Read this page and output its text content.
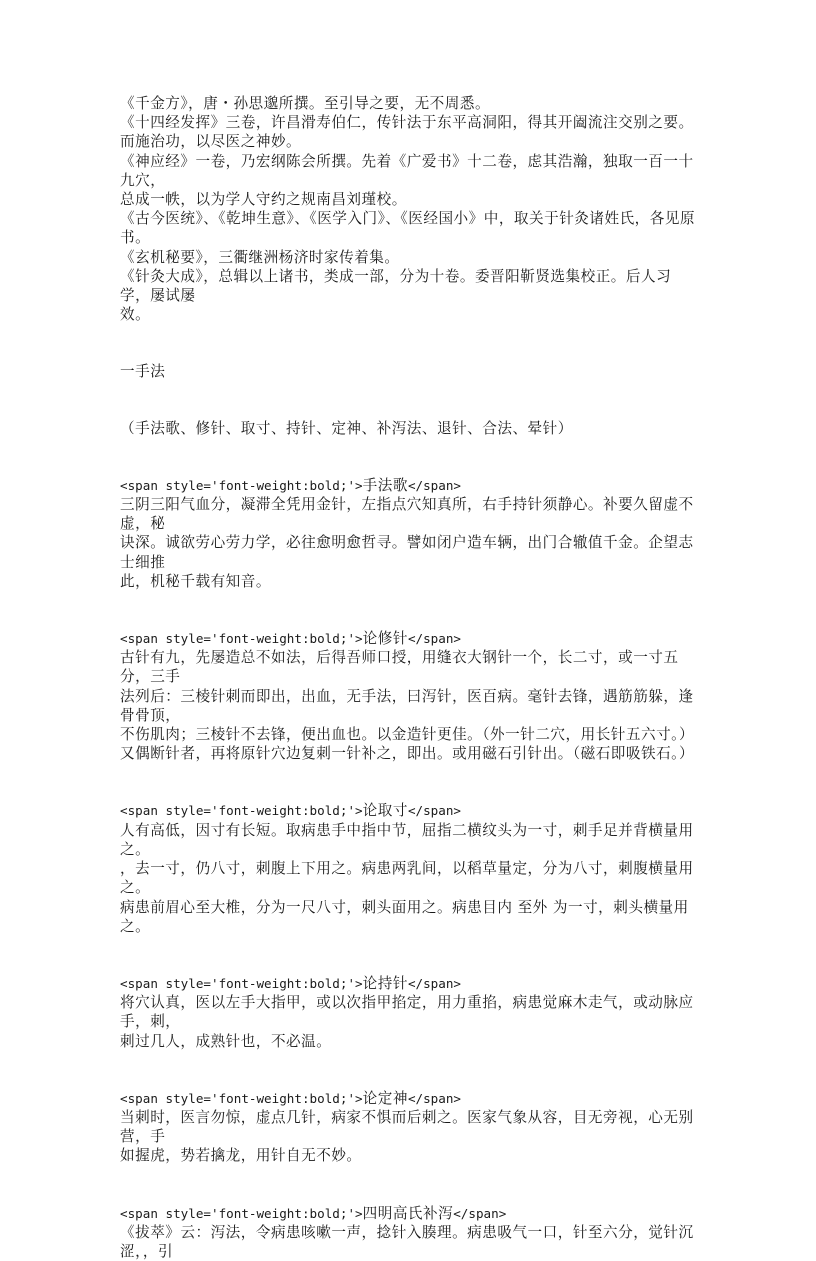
《千金方》，唐・孙思邈所撰。至引导之要，无不周悉。

《十四经发挥》三卷，许昌滑寿伯仁，传针法于东平高洞阳，得其开阖流注交别之要。

而施治功，以尽医之神妙。

《神应经》一卷，乃宏纲陈会所撰。先着《广爱书》十二卷，虑其浩瀚，独取一百一十九穴，

总成一帙，以为学人守约之规南昌刘瑾校。

《古今医统》、《乾坤生意》、《医学入门》、《医经国小》中，取关于针灸诸姓氏，各见原书。

《玄机秘要》，三衢继洲杨济时家传着集。

《针灸大成》，总辑以上诸书，类成一部，分为十卷。委晋阳靳贤选集校正。后人习学，屡试屡

效。

一手法

（手法歌、修针、取寸、持针、定神、补泻法、退针、合法、晕针）

<span style='font-weight:bold;'>手法歌</span>

三阴三阳气血分，凝滞全凭用金针，左指点穴知真所，右手持针须静心。补要久留虚不虚，秘

诀深。诚欲劳心劳力学，必往愈明愈哲寻。譬如闭户造车辆，出门合辙值千金。企望志士细推

此，机秘千载有知音。

<span style='font-weight:bold;'>论修针</span>

古针有九，先屡造总不如法，后得吾师口授，用缝衣大钢针一个，长二寸，或一寸五分，三手

法列后：三棱针刺而即出，出血，无手法，曰泻针，医百病。毫针去锋，遇筋筋躲，逢骨骨顶，

不伤肌肉；三棱针不去锋，便出血也。以金造针更佳。（外一针二穴，用长针五六寸。）

又偶断针者，再将原针穴边复刺一针补之，即出。或用磁石引针出。（磁石即吸铁石。）

<span style='font-weight:bold;'>论取寸</span>

人有高低，因寸有长短。取病患手中指中节，屈指二横纹头为一寸，刺手足并背横量用之。

，去一寸，仍八寸，刺腹上下用之。病患两乳间，以稻草量定，分为八寸，刺腹横量用之。

病患前眉心至大椎，分为一尺八寸，刺头面用之。病患目内 至外 为一寸，刺头横量用之。

<span style='font-weight:bold;'>论持针</span>

将穴认真，医以左手大指甲，或以次指甲掐定，用力重掐，病患觉麻木走气，或动脉应手，刺，

刺过几人，成熟针也，不必温。

<span style='font-weight:bold;'>论定神</span>

当刺时，医言勿惊，虚点几针，病家不惧而后刺之。医家气象从容，目无旁视，心无别营，手

如握虎，势若擒龙，用针自无不妙。

<span style='font-weight:bold;'>四明高氏补泻</span>

《拔萃》云：泻法，令病患咳嗽一声，捻针入腠理。病患吸气一口，针至六分，觉针沉涩，，引
